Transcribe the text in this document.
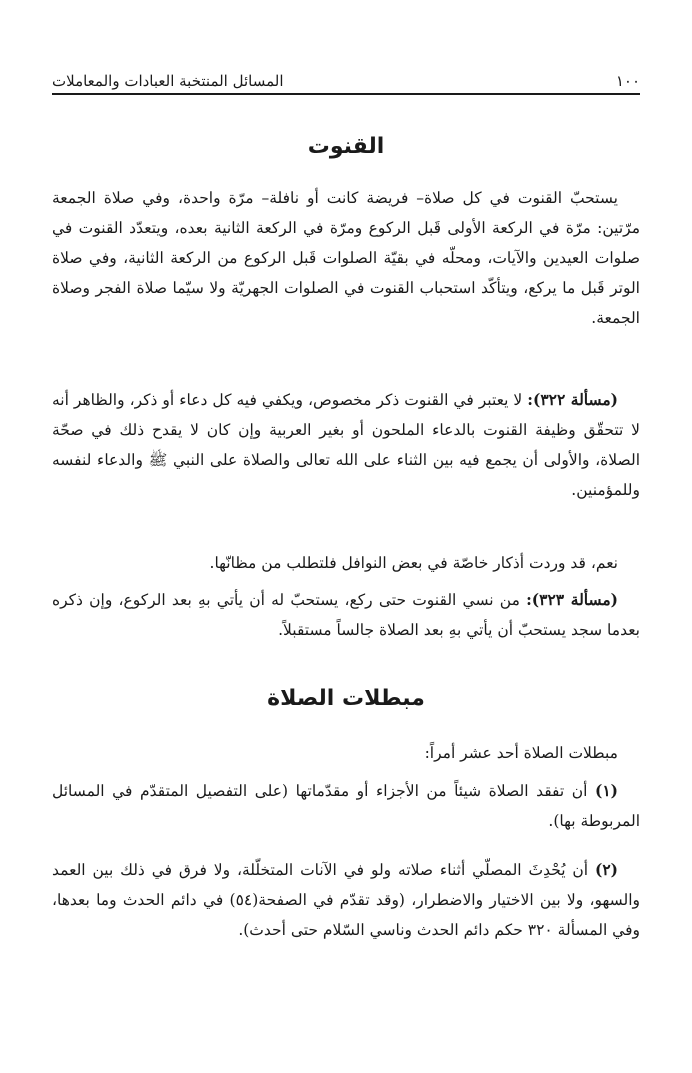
١٠٠
المسائل المنتخبة العبادات والمعاملات
القنوت

يستحبّ القنوت في كل صلاة– فريضة كانت أو نافلة– مرّة واحدة، وفي صلاة الجمعة مرّتين: مرّة في الركعة الأولى قَبل الركوع ومرّة في الركعة الثانية بعده، ويتعدّد القنوت في صلوات العيدين والآيات، ومحلّه في بقيّة الصلوات قَبل الركوع من الركعة الثانية، وفي صلاة الوتر قَبل ما يركع، ويتأكّد استحباب القنوت في الصلوات الجهريّة ولا سيّما صلاة الفجر وصلاة الجمعة.

(مسألة ٣٢٢): لا يعتبر في القنوت ذكر مخصوص، ويكفي فيه كل دعاء أو ذكر، والظاهر أنه لا تتحقّق وظيفة القنوت بالدعاء الملحون أو بغير العربية وإن كان لا يقدح ذلك في صحّة الصلاة، والأولى أن يجمع فيه بين الثناء على الله تعالى والصلاة على النبي ﷺ والدعاء لنفسه وللمؤمنين.

نعم، قد وردت أذكار خاصّة في بعض النوافل فلتطلب من مظانّها.

(مسألة ٣٢٣): من نسي القنوت حتى ركع، يستحبّ له أن يأتي بهِ بعد الركوع، وإن ذكره بعدما سجد يستحبّ أن يأتي بهِ بعد الصلاة جالساً مستقبلاً.

مبطلات الصلاة

مبطلات الصلاة أحد عشر أمراً:

(١) أن تفقد الصلاة شيئاً من الأجزاء أو مقدّماتها (على التفصيل المتقدّم في المسائل المربوطة بها).

(٢) أن يُحْدِثَ المصلّي أثناء صلاته ولو في الآنات المتخلّلة، ولا فرق في ذلك بين العمد والسهو، ولا بين الاختيار والاضطرار، (وقد تقدّم في الصفحة(٥٤) في دائم الحدث وما بعدها، وفي المسألة ٣٢٠ حكم دائم الحدث وناسي السّلام حتى أحدث).
